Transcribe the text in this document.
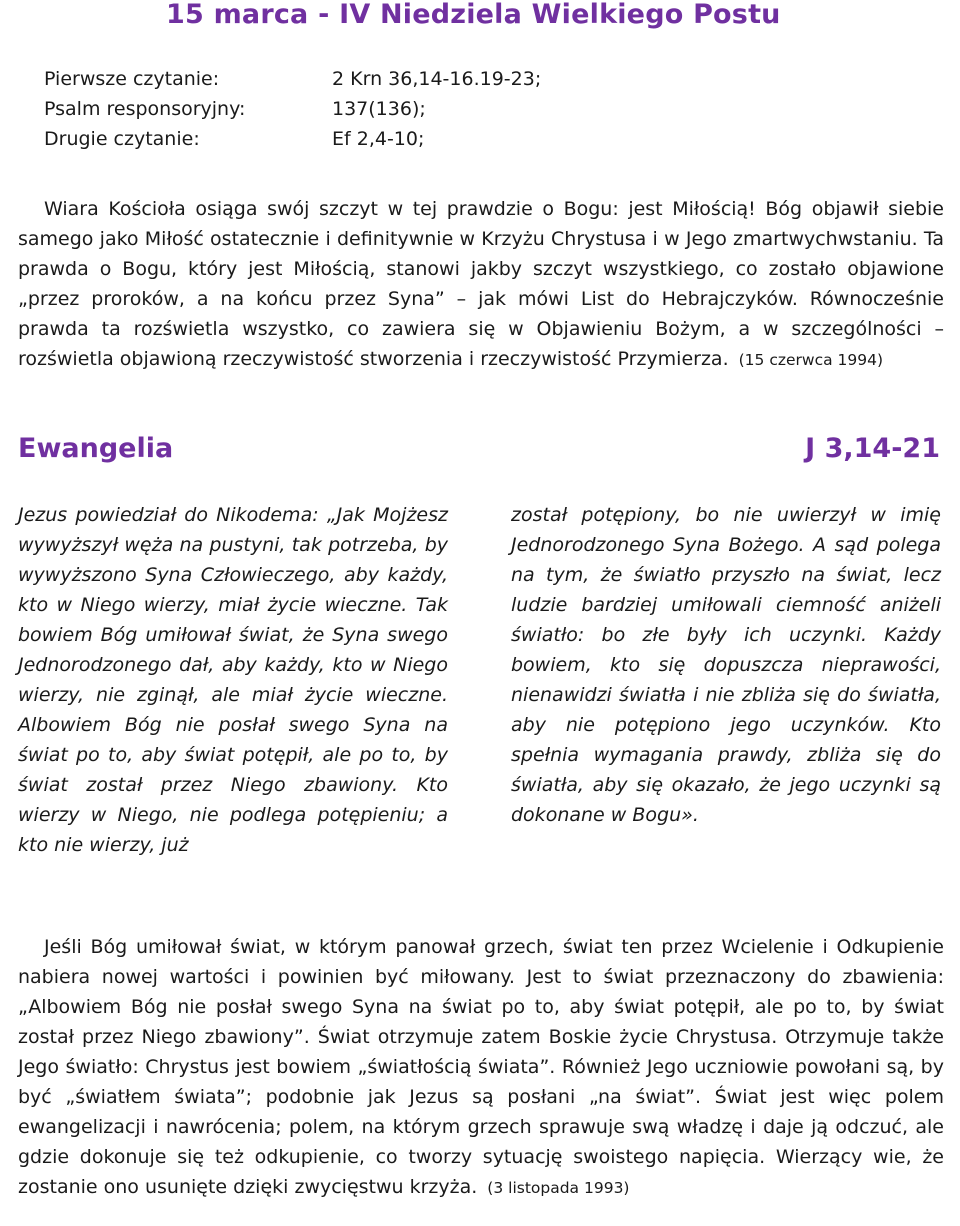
15 marca - IV Niedziela Wielkiego Postu
Pierwsze czytanie:	2 Krn 36,14-16.19-23;
Psalm responsoryjny:	137(136);
Drugie czytanie:	Ef 2,4-10;

Wiara Kościoła osiąga swój szczyt w tej prawdzie o Bogu: jest Miłością! Bóg objawił siebie samego jako Miłość ostatecznie i definitywnie w Krzyżu Chrystusa i w Jego zmartwychwstaniu. Ta prawda o Bogu, który jest Miłością, stanowi jakby szczyt wszystkiego, co zostało objawione „przez proroków, a na końcu przez Syna” – jak mówi List do Hebrajczyków. Równocześnie prawda ta rozświetla wszystko, co zawiera się w Objawieniu Bożym, a w szczególności – rozświetla objawioną rzeczywistość stworzenia i rzeczywistość Przymierza. (15 czerwca 1994)

Ewangelia	J 3,14-21

Jezus powiedział do Nikodema: „Jak Mojżesz wywyższył węża na pustyni, tak potrzeba, by wywyższono Syna Człowieczego, aby każdy, kto w Niego wierzy, miał życie wieczne. Tak bowiem Bóg umiłował świat, że Syna swego Jednorodzonego dał, aby każdy, kto w Niego wierzy, nie zginął, ale miał życie wieczne. Albowiem Bóg nie posłał swego Syna na świat po to, aby świat potępił, ale po to, by świat został przez Niego zbawiony. Kto wierzy w Niego, nie podlega potępieniu; a kto nie wierzy, już

został potępiony, bo nie uwierzył w imię Jednorodzonego Syna Bożego. A sąd polega na tym, że światło przyszło na świat, lecz ludzie bardziej umiłowali ciemność aniżeli światło: bo złe były ich uczynki. Każdy bowiem, kto się dopuszcza nieprawości, nienawidzi światła i nie zbliża się do światła, aby nie potępiono jego uczynków. Kto spełnia wymagania prawdy, zbliża się do światła, aby się okazało, że jego uczynki są dokonane w Bogu».

Jeśli Bóg umiłował świat, w którym panował grzech, świat ten przez Wcielenie i Odkupienie nabiera nowej wartości i powinien być miłowany. Jest to świat przeznaczony do zbawienia: „Albowiem Bóg nie posłał swego Syna na świat po to, aby świat potępił, ale po to, by świat został przez Niego zbawiony”. Świat otrzymuje zatem Boskie życie Chrystusa. Otrzymuje także Jego światło: Chrystus jest bowiem „światłością świata”. Również Jego uczniowie powołani są, by być „światłem świata”; podobnie jak Jezus są posłani „na świat”. Świat jest więc polem ewangelizacji i nawrócenia; polem, na którym grzech sprawuje swą władzę i daje ją odczuć, ale gdzie dokonuje się też odkupienie, co tworzy sytuację swoistego napięcia. Wierzący wie, że zostanie ono usunięte dzięki zwycięstwu krzyża. (3 listopada 1993)
